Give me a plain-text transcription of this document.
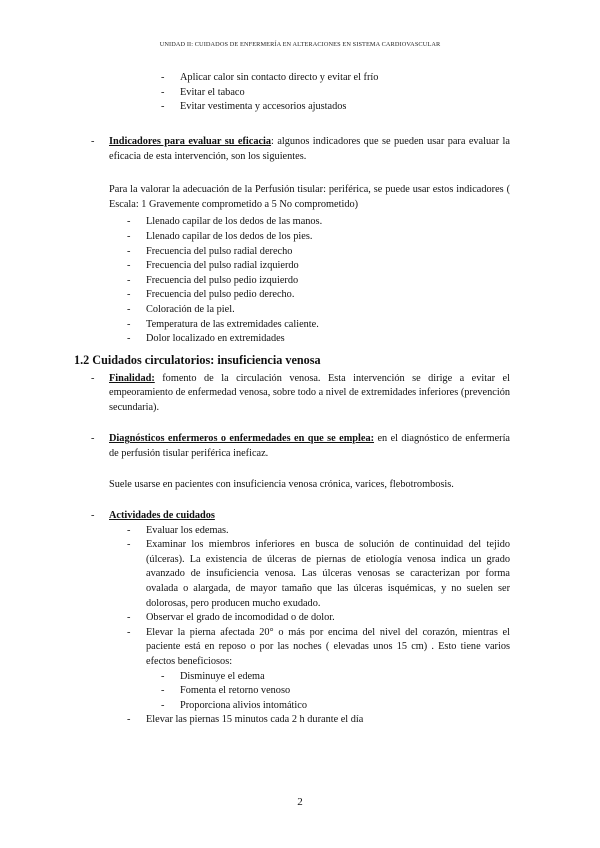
UNIDAD II: CUIDADOS DE ENFERMERÍA EN ALTERACIONES EN SISTEMA CARDIOVASCULAR
- Aplicar calor sin contacto directo y evitar el frío
- Evitar el tabaco
- Evitar vestimenta y accesorios ajustados
- Indicadores para evaluar su eficacia: algunos indicadores que se pueden usar para evaluar la eficacia de esta intervención, son los siguientes.
Para la valorar la adecuación de la Perfusión tisular: periférica, se puede usar estos indicadores ( Escala: 1 Gravemente comprometido a 5 No comprometido)
- Llenado capilar de los dedos de las manos.
- Llenado capilar de los dedos de los pies.
- Frecuencia del pulso radial derecho
- Frecuencia del pulso radial izquierdo
- Frecuencia del pulso pedio izquierdo
- Frecuencia del pulso pedio derecho.
- Coloración de la piel.
- Temperatura de las extremidades caliente.
- Dolor localizado en extremidades
1.2 Cuidados circulatorios: insuficiencia venosa
- Finalidad: fomento de la circulación venosa. Esta intervención se dirige a evitar el empeoramiento de enfermedad venosa, sobre todo a nivel de extremidades inferiores (prevención secundaria).
- Diagnósticos enfermeros o enfermedades en que se emplea: en el diagnóstico de enfermería de perfusión tisular periférica ineficaz.
Suele usarse en pacientes con insuficiencia venosa crónica, varices, flebotrombosis.
- Actividades de cuidados
- Evaluar los edemas.
- Examinar los miembros inferiores en busca de solución de continuidad del tejido (úlceras). La existencia de úlceras de piernas de etiología venosa indica un grado avanzado de insuficiencia venosa. Las úlceras venosas se caracterizan por forma ovalada o alargada, de mayor tamaño que las úlceras isquémicas, y no suelen ser dolorosas, pero producen mucho exudado.
- Observar el grado de incomodidad o de dolor.
- Elevar la pierna afectada 20° o más por encima del nivel del corazón, mientras el paciente está en reposo o por las noches ( elevadas unos 15 cm) . Esto tiene varios efectos beneficiosos:
- Disminuye el edema
- Fomenta el retorno venoso
- Proporciona alivios intomático
- Elevar las piernas 15 minutos cada 2 h durante el día
2
